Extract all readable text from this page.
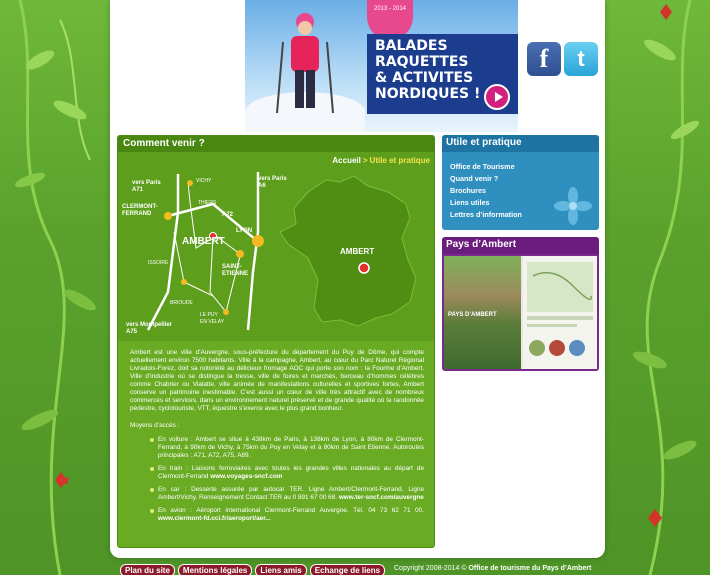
2013 - 2014
BALADES
RAQUETTES
& ACTIVITES
NORDIQUES !
f	t
Comment venir ?
vers Paris
A71
VICHY	vers Paris
A6
CLERMONT-
FERRAND
THIERS
A72
AMBERT
LYON
ISSOIRE
SAINT-
ETIENNE
BRIOUDE
LE PUY
EN VELAY
vers Montpellier
A75
AMBERT
Accueil > Utile et pratique

Ambert est une ville d’Auvergne, sous-préfecture du département du Puy de Dôme, qui compte actuellement environ 7500 habitants. Ville à la campagne, Ambert, au cœur du Parc Naturel Régional Livradois-Forez, doit sa notoriété au délicieux fromage AOC qui porte son nom : la Fourme d’Ambert. Ville d’industrie où se distingue la tresse, ville de foires et marchés, berceau d’hommes célèbres comme Chabrier ou Vialatte, ville animée de manifestations culturelles et sportives fortes, Ambert conserve un patrimoine inestimable. C’est aussi un cœur de ville très attractif avec de nombreux commerces et services, dans un environnement naturel préservé et de grande qualité où la randonnée pédestre, cyclotouriste, VTT, équestre s’exerce avec le plus grand bonheur.

Moyens d’accès :

En voiture : Ambert se situe à 438km de Paris, à 138km de Lyon, à 80km de Clermont-Ferrand, à 90km de Vichy, à 75km du Puy en Velay et à 80km de Saint Etienne. Autoroutes principales : A71, A72, A75, A89.
En train : Liaisons ferroviaires avec toutes les grandes villes nationales au départ de Clermont-Ferrand www.voyages-sncf.com
En car : Desserte assurée par autocar TER. Ligne Ambert/Clermont-Ferrand. Ligne Ambert/Vichy. Renseignement Contact TER au 0 891 67 00 68. www.ter-sncf.com/auvergne
En avion : Aéroport international Clermont-Ferrand Auvergne. Tél. 04 73 62 71 00. www.clermont-fd.cci.fr/aeroport/aer...
Utile et pratique
Office de Tourisme
Quand venir ?
Brochures
Liens utiles
Lettres d’information
Pays d’Ambert
PAYS D’AMBERT
Plan du site	Mentions légales	Liens amis	Echange de liens	Copyright 2008-2014 © Office de tourisme du Pays d’Ambert
